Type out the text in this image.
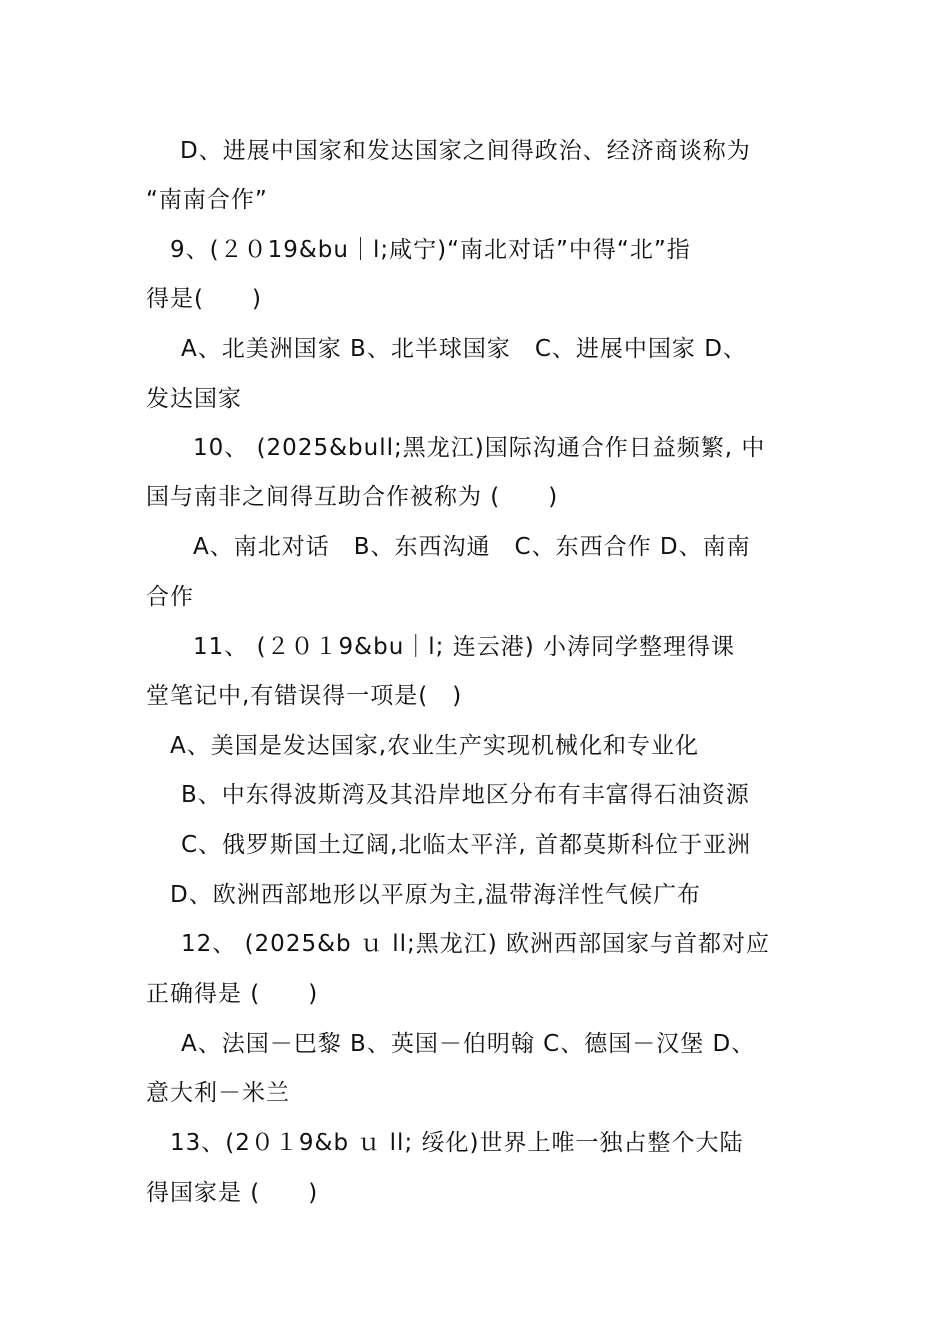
D、进展中国家和发达国家之间得政治、经济商谈称为
“南南合作”
9、(２０19&bu｜l;咸宁)“南北对话”中得“北”指
得是(　　)
A、北美洲国家 B、北半球国家　C、进展中国家 D、
发达国家
10、 (2025&bull;黑龙江)国际沟通合作日益频繁, 中
国与南非之间得互助合作被称为 (　　)
A、南北对话　B、东西沟通　C、东西合作 D、南南
合作
11、 (２０１9&bu｜l; 连云港) 小涛同学整理得课
堂笔记中,有错误得一项是(　)
A、美国是发达国家,农业生产实现机械化和专业化
B、中东得波斯湾及其沿岸地区分布有丰富得石油资源
C、俄罗斯国土辽阔,北临太平洋, 首都莫斯科位于亚洲
D、欧洲西部地形以平原为主,温带海洋性气候广布
12、 (2025&b ｕ ll;黑龙江) 欧洲西部国家与首都对应
正确得是 (　　)
A、法国－巴黎 B、英国－伯明翰 C、德国－汉堡 D、
意大利－米兰
13、(2０１9&b ｕ ll; 绥化)世界上唯一独占整个大陆
得国家是 (　　)
